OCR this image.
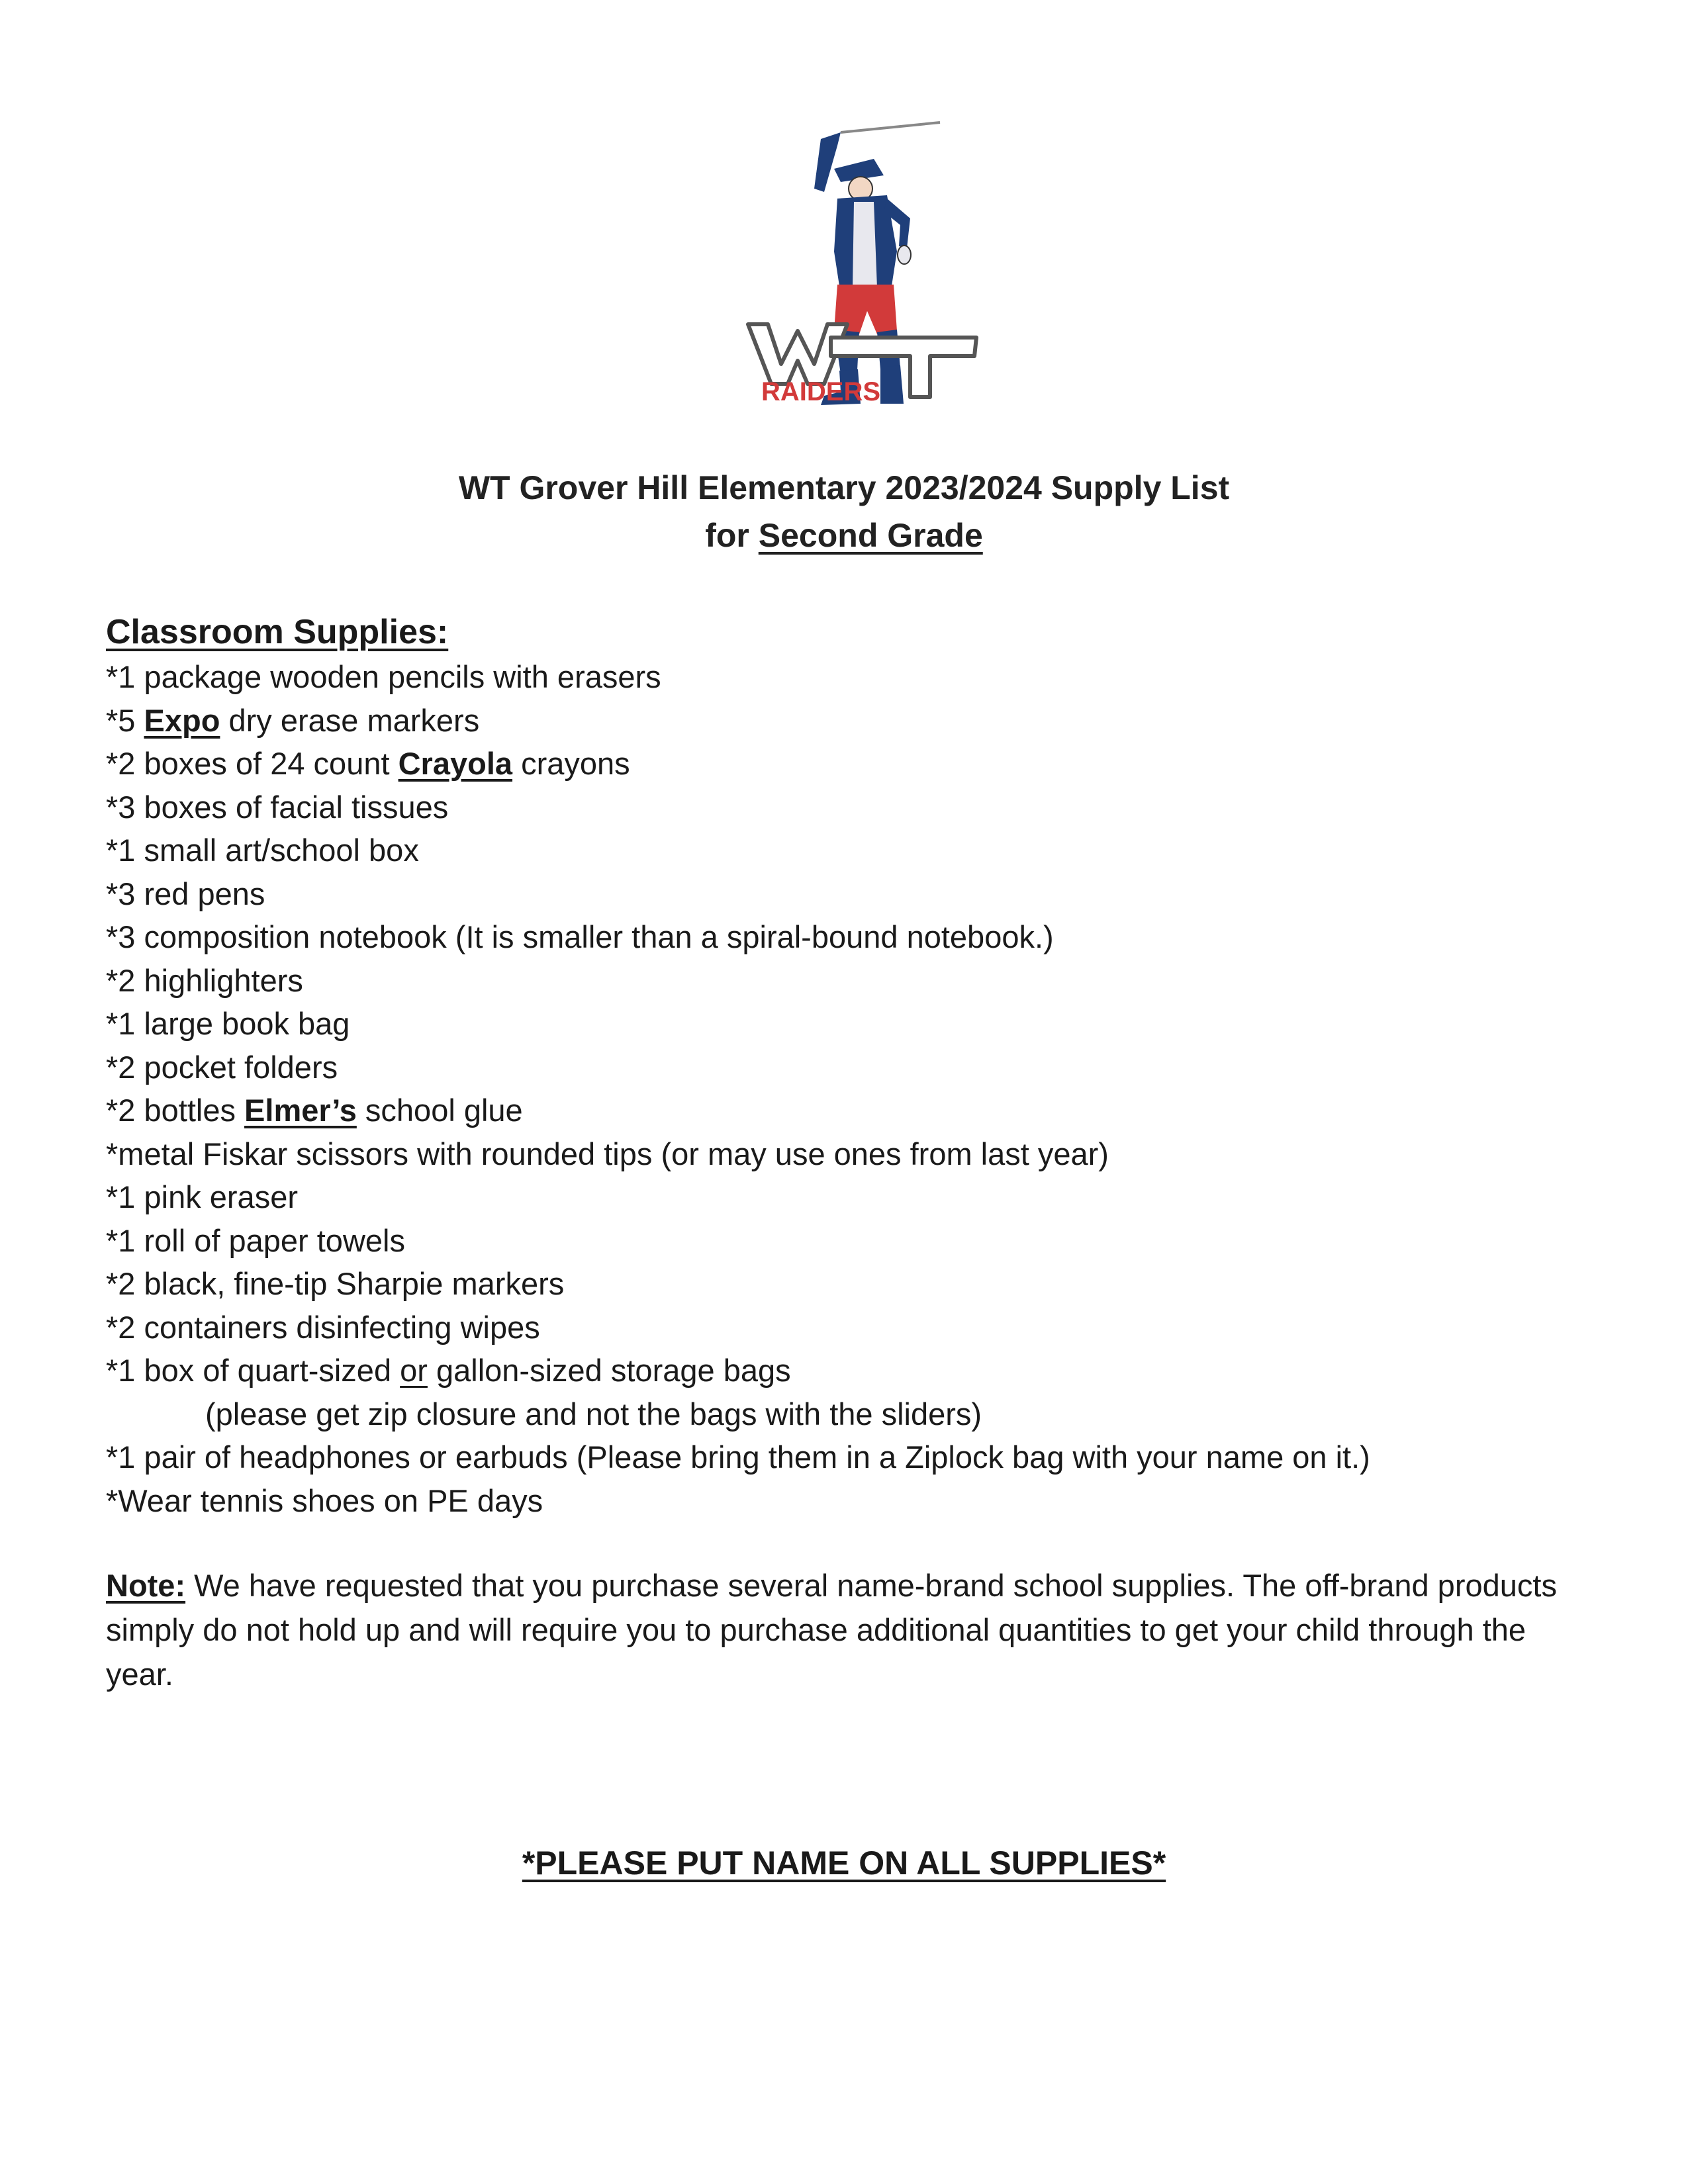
RAIDERS
WT Grover Hill Elementary 2023/2024 Supply List
for Second Grade
Classroom Supplies:
*1 package wooden pencils with erasers
*5 Expo dry erase markers
*2 boxes of 24 count Crayola crayons
*3 boxes of facial tissues
*1 small art/school box
*3 red pens
*3 composition notebook (It is smaller than a spiral-bound notebook.)
*2 highlighters
*1 large book bag
*2 pocket folders
*2 bottles Elmer’s school glue
*metal Fiskar scissors with rounded tips (or may use ones from last year)
*1 pink eraser
*1 roll of paper towels
*2 black, fine-tip Sharpie markers
*2 containers disinfecting wipes
*1 box of quart-sized or gallon-sized storage bags
(please get zip closure and not the bags with the sliders)
*1 pair of headphones or earbuds (Please bring them in a Ziplock bag with your name on it.)
*Wear tennis shoes on PE days
Note: We have requested that you purchase several name-brand school supplies. The off-brand products simply do not hold up and will require you to purchase additional quantities to get your child through the year.
*PLEASE PUT NAME ON ALL SUPPLIES*
